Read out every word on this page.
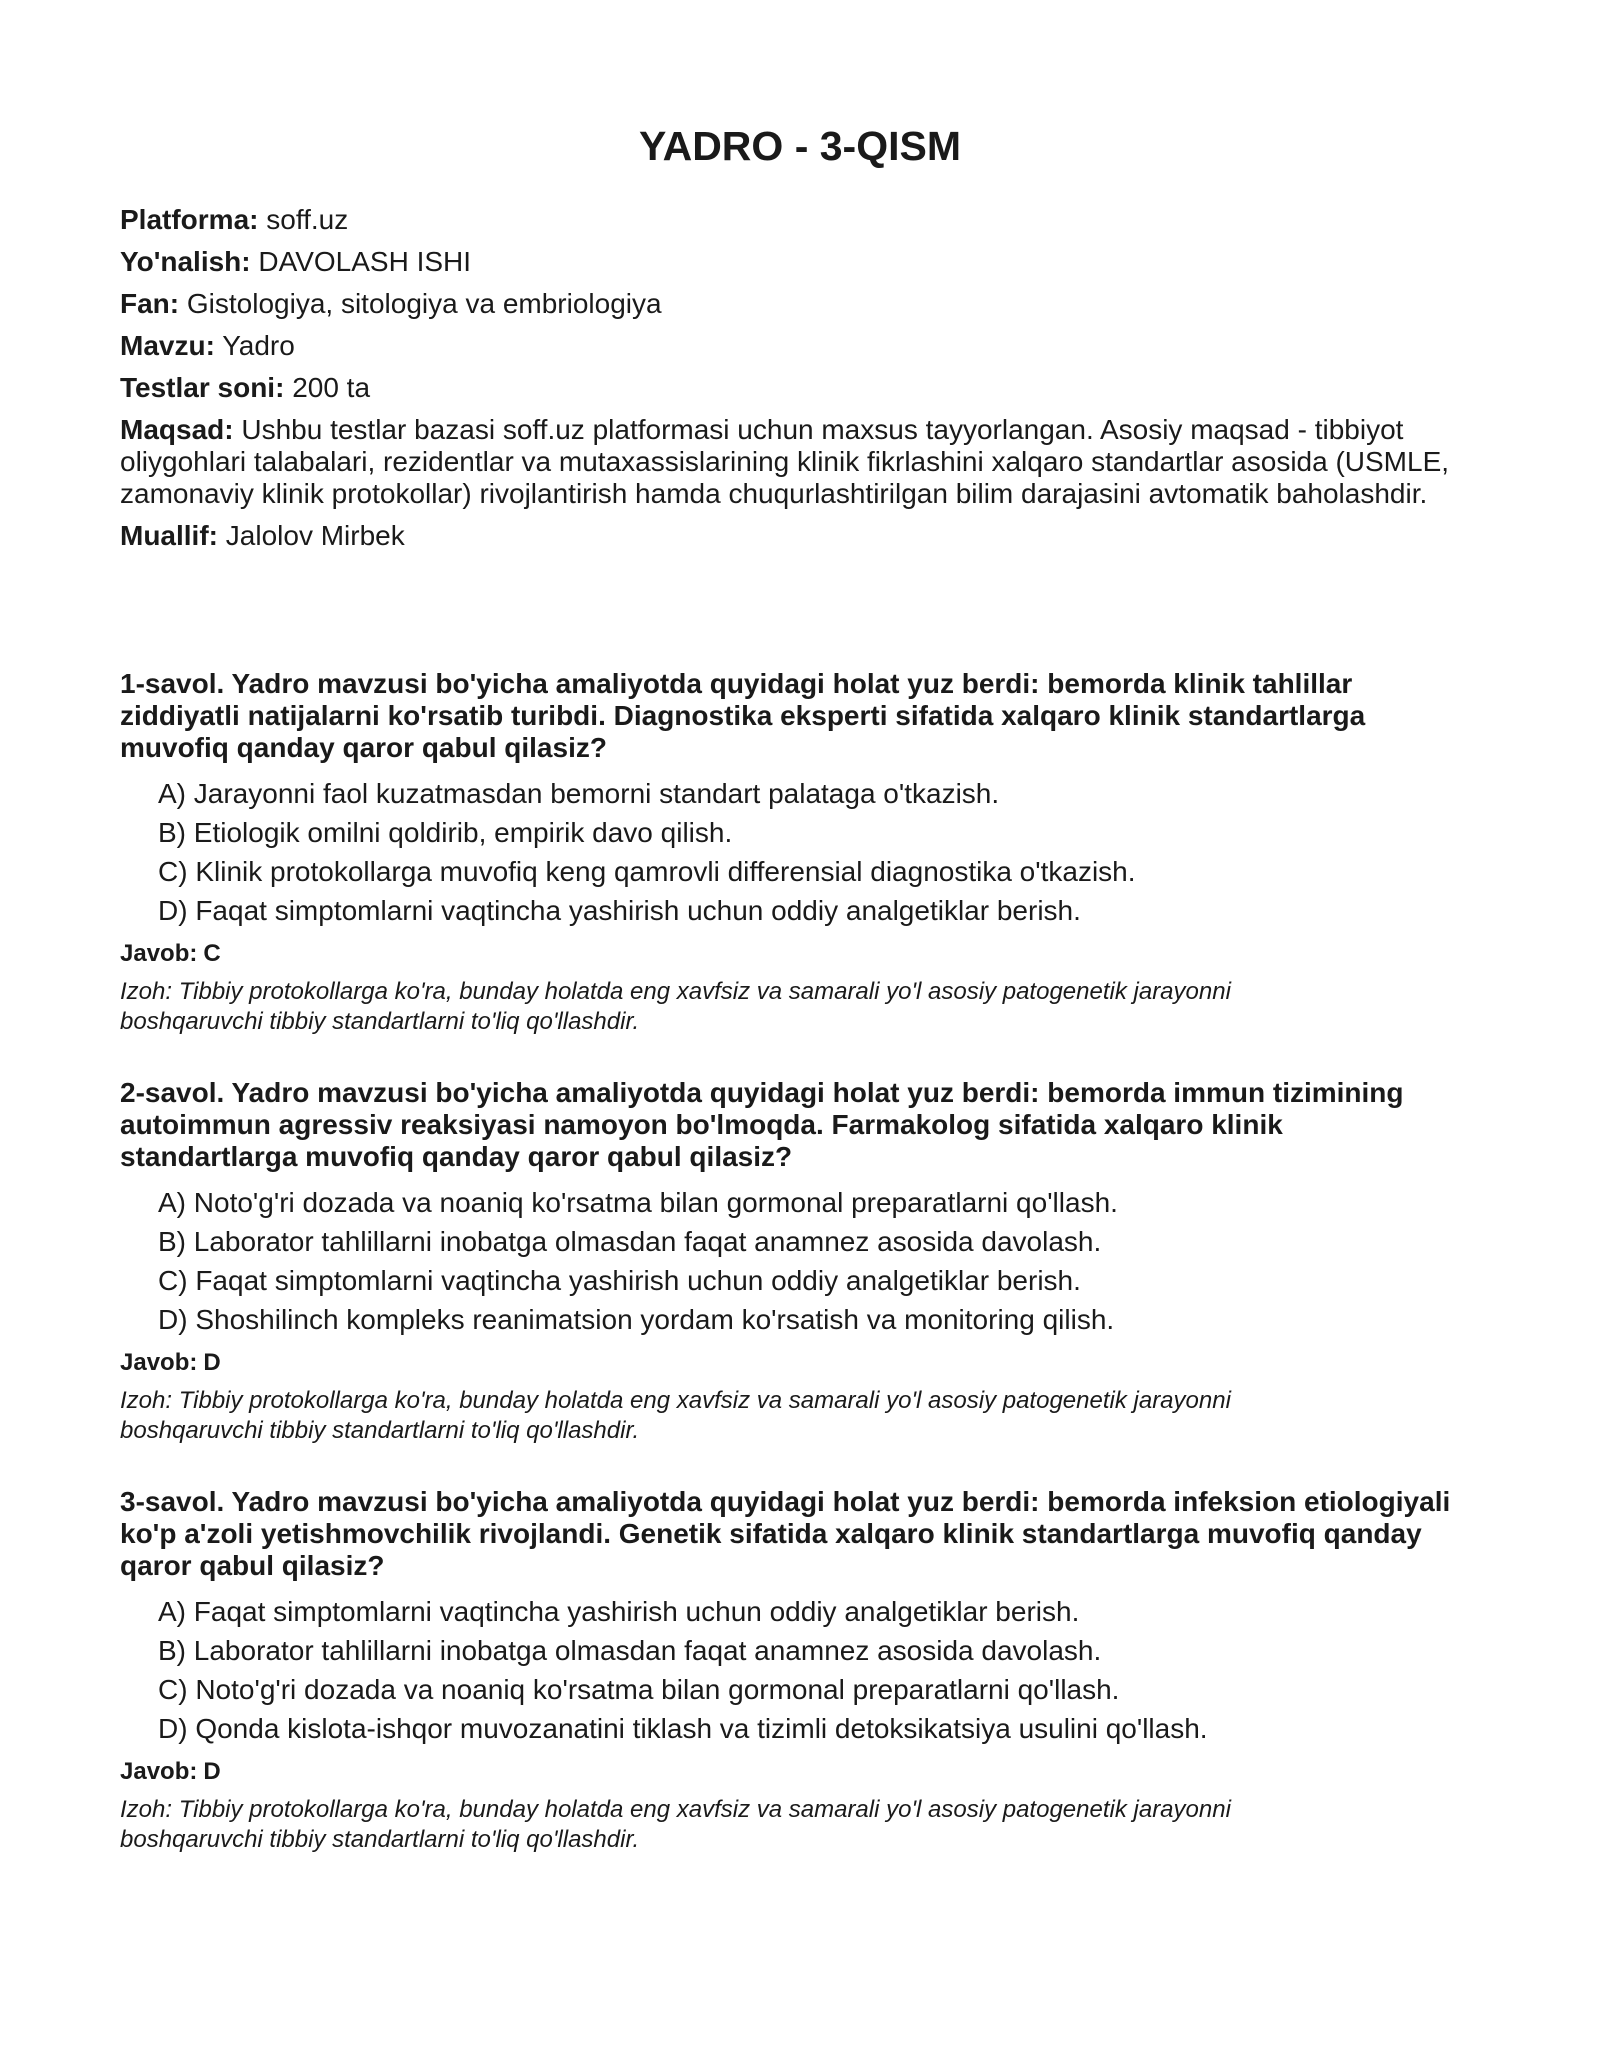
YADRO - 3-QISM

Platforma: soff.uz

Yo'nalish: DAVOLASH ISHI

Fan: Gistologiya, sitologiya va embriologiya

Mavzu: Yadro

Testlar soni: 200 ta

Maqsad: Ushbu testlar bazasi soff.uz platformasi uchun maxsus tayyorlangan. Asosiy maqsad - tibbiyot oliygohlari talabalari, rezidentlar va mutaxassislarining klinik fikrlashini xalqaro standartlar asosida (USMLE, zamonaviy klinik protokollar) rivojlantirish hamda chuqurlashtirilgan bilim darajasini avtomatik baholashdir.

Muallif: Jalolov Mirbek

1-savol. Yadro mavzusi bo'yicha amaliyotda quyidagi holat yuz berdi: bemorda klinik tahlillar ziddiyatli natijalarni ko'rsatib turibdi. Diagnostika eksperti sifatida xalqaro klinik standartlarga muvofiq qanday qaror qabul qilasiz?

A) Jarayonni faol kuzatmasdan bemorni standart palataga o'tkazish.

B) Etiologik omilni qoldirib, empirik davo qilish.

C) Klinik protokollarga muvofiq keng qamrovli differensial diagnostika o'tkazish.

D) Faqat simptomlarni vaqtincha yashirish uchun oddiy analgetiklar berish.

Javob: C

Izoh: Tibbiy protokollarga ko'ra, bunday holatda eng xavfsiz va samarali yo'l asosiy patogenetik jarayonni boshqaruvchi tibbiy standartlarni to'liq qo'llashdir.

2-savol. Yadro mavzusi bo'yicha amaliyotda quyidagi holat yuz berdi: bemorda immun tizimining autoimmun agressiv reaksiyasi namoyon bo'lmoqda. Farmakolog sifatida xalqaro klinik standartlarga muvofiq qanday qaror qabul qilasiz?

A) Noto'g'ri dozada va noaniq ko'rsatma bilan gormonal preparatlarni qo'llash.

B) Laborator tahlillarni inobatga olmasdan faqat anamnez asosida davolash.

C) Faqat simptomlarni vaqtincha yashirish uchun oddiy analgetiklar berish.

D) Shoshilinch kompleks reanimatsion yordam ko'rsatish va monitoring qilish.

Javob: D

Izoh: Tibbiy protokollarga ko'ra, bunday holatda eng xavfsiz va samarali yo'l asosiy patogenetik jarayonni boshqaruvchi tibbiy standartlarni to'liq qo'llashdir.

3-savol. Yadro mavzusi bo'yicha amaliyotda quyidagi holat yuz berdi: bemorda infeksion etiologiyali ko'p a'zoli yetishmovchilik rivojlandi. Genetik sifatida xalqaro klinik standartlarga muvofiq qanday qaror qabul qilasiz?

A) Faqat simptomlarni vaqtincha yashirish uchun oddiy analgetiklar berish.

B) Laborator tahlillarni inobatga olmasdan faqat anamnez asosida davolash.

C) Noto'g'ri dozada va noaniq ko'rsatma bilan gormonal preparatlarni qo'llash.

D) Qonda kislota-ishqor muvozanatini tiklash va tizimli detoksikatsiya usulini qo'llash.

Javob: D

Izoh: Tibbiy protokollarga ko'ra, bunday holatda eng xavfsiz va samarali yo'l asosiy patogenetik jarayonni boshqaruvchi tibbiy standartlarni to'liq qo'llashdir.
